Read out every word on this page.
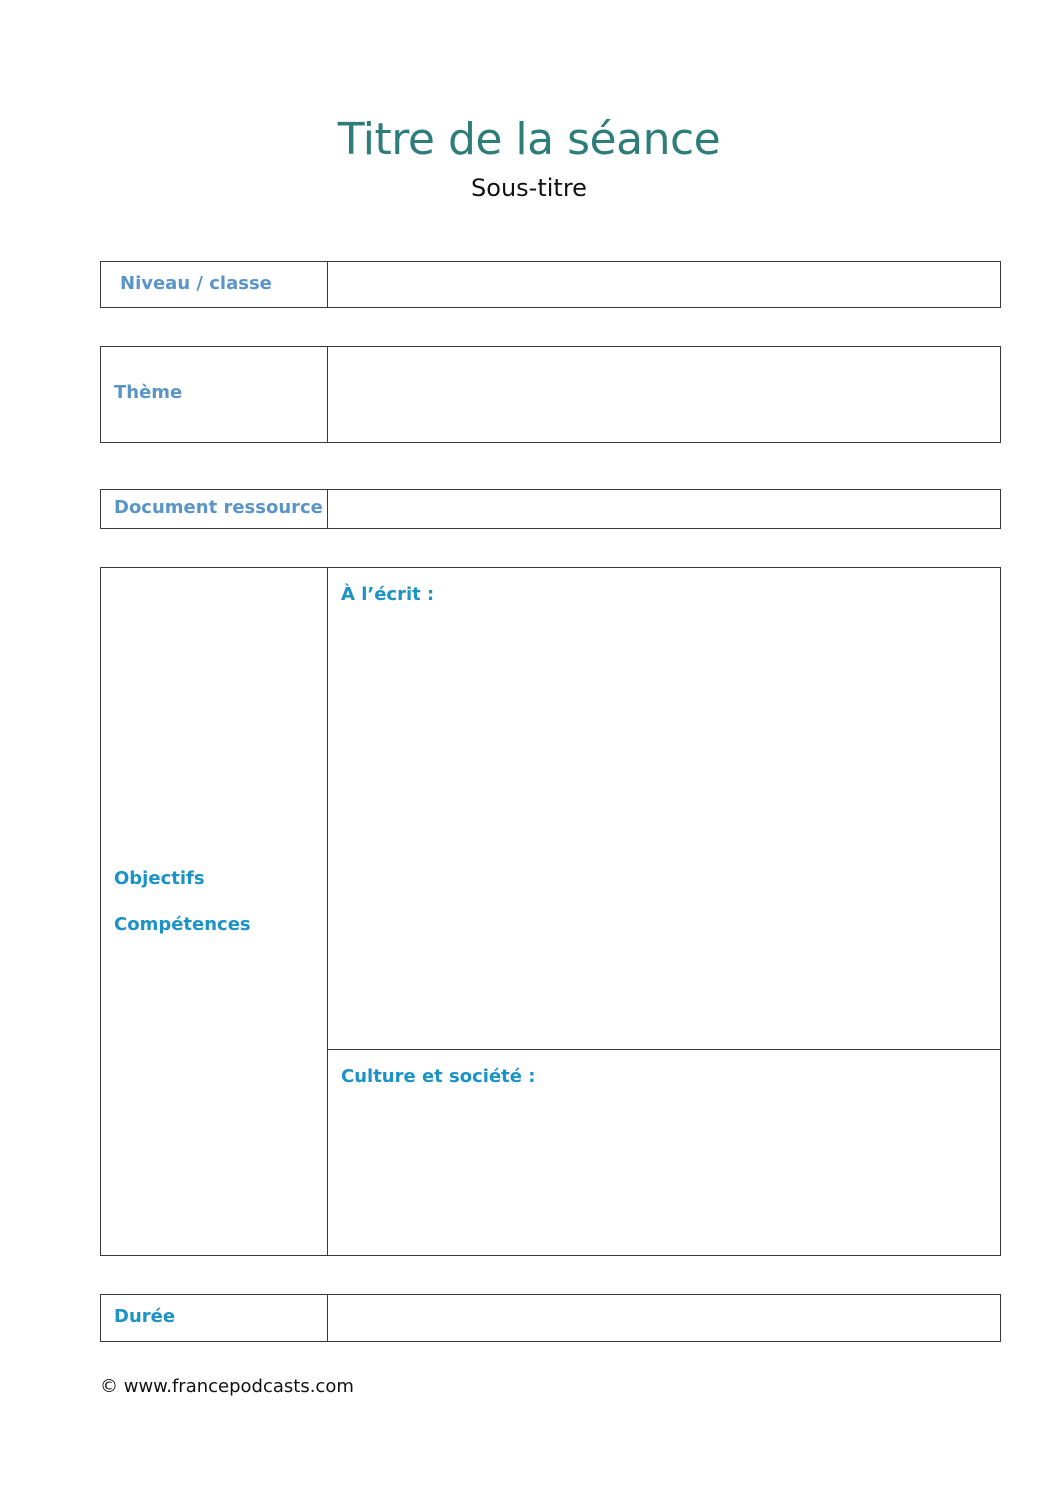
Titre de la séance
Sous-titre
Niveau / classe
Thème
Document ressource
Objectifs
Compétences
À l’écrit :
Culture et société :
Durée
© www.francepodcasts.com
